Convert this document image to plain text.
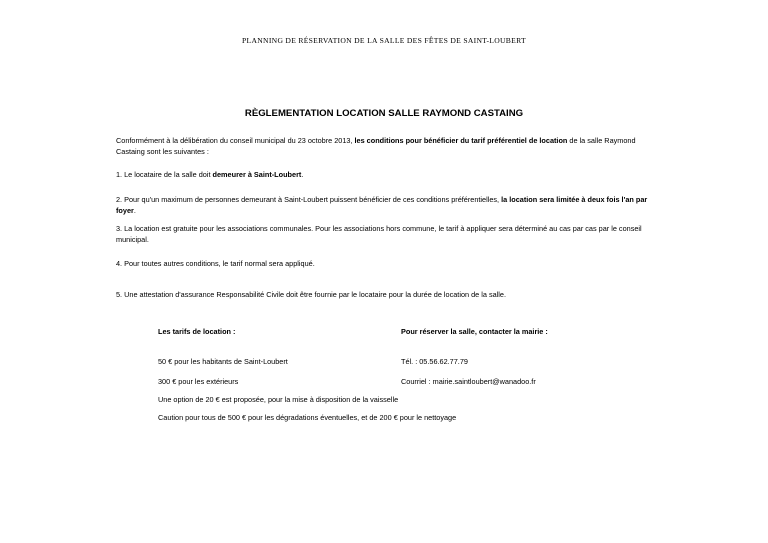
PLANNING DE RÉSERVATION DE LA SALLE DES FÊTES DE SAINT-LOUBERT
RÈGLEMENTATION LOCATION SALLE RAYMOND CASTAING
Conformément à la délibération du conseil municipal du 23 octobre 2013, les conditions pour bénéficier du tarif préférentiel de location de la salle Raymond Castaing sont les suivantes :
1. Le locataire de la salle doit demeurer à Saint-Loubert.
2. Pour qu'un maximum de personnes demeurant à Saint-Loubert puissent bénéficier de ces conditions préférentielles, la location sera limitée à deux fois l'an par foyer.
3. La location est gratuite pour les associations communales. Pour les associations hors commune, le tarif à appliquer sera déterminé au cas par cas par le conseil municipal.
4. Pour toutes autres conditions, le tarif normal sera appliqué.
5. Une attestation d'assurance Responsabilité Civile doit être fournie par le locataire pour la durée de location de la salle.
Les tarifs de location :	Pour réserver la salle, contacter la mairie :
50 € pour les habitants de Saint-Loubert	Tél. : 05.56.62.77.79
300 € pour les extérieurs	Courriel : mairie.saintloubert@wanadoo.fr
Une option de 20 € est proposée, pour la mise à disposition de la vaisselle
Caution pour tous de 500 € pour les dégradations éventuelles, et de 200 € pour le nettoyage
